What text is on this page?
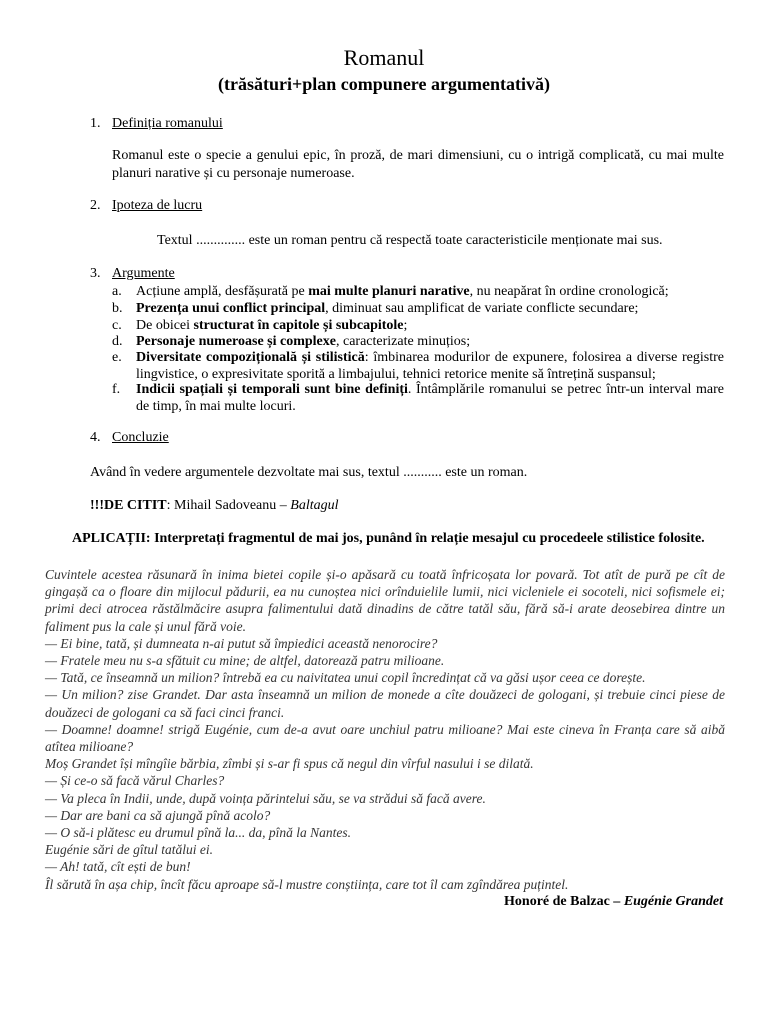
Romanul
(trăsături+plan compunere argumentativă)
1. Definiția romanului
Romanul este o specie a genului epic, în proză, de mari dimensiuni, cu o intrigă complicată, cu mai multe planuri narative și cu personaje numeroase.
2. Ipoteza de lucru
Textul .............. este un roman pentru că respectă toate caracteristicile menționate mai sus.
3. Argumente
a. Acțiune amplă, desfășurată pe mai multe planuri narative, nu neapărat în ordine cronologică;
b. Prezența unui conflict principal, diminuat sau amplificat de variate conflicte secundare;
c. De obicei structurat în capitole și subcapitole;
d. Personaje numeroase și complexe, caracterizate minuțios;
e. Diversitate compozițională și stilistică: îmbinarea modurilor de expunere, folosirea a diverse registre lingvistice, o expresivitate sporită a limbajului, tehnici retorice menite să întrețină suspansul;
f. Indicii spațiali și temporali sunt bine definiți. Întâmplările romanului se petrec într-un interval mare de timp, în mai multe locuri.
4. Concluzie
Având în vedere argumentele dezvoltate mai sus, textul ........... este un roman.
!!!DE CITIT: Mihail Sadoveanu – Baltagul
APLICAȚII: Interpretați fragmentul de mai jos, punând în relație mesajul cu procedeele stilistice folosite.

Cuvintele acestea răsunară în inima bietei copile și-o apăsară cu toată înfricoșata lor povară. Tot atît de pură pe cît de gingașă ca o floare din mijlocul pădurii, ea nu cunoștea nici orînduielile lumii, nici vicleniele ei socoteli, nici sofismele ei; primi deci atrocea răstălmăcire asupra falimentului dată dinadins de către tatăl său, fără să-i arate deosebirea dintre un faliment pus la cale și unul fără voie.

— Ei bine, tată, și dumneata n-ai putut să împiedici această nenorocire?

— Fratele meu nu s-a sfătuit cu mine; de altfel, datorează patru milioane.

— Tată, ce înseamnă un milion? întrebă ea cu naivitatea unui copil încredințat că va găsi ușor ceea ce dorește.

— Un milion? zise Grandet. Dar asta înseamnă un milion de monede a cîte douăzeci de gologani, și trebuie cinci piese de douăzeci de gologani ca să faci cinci franci.

— Doamne! doamne! strigă Eugénie, cum de-a avut oare unchiul patru milioane? Mai este cineva în Franța care să aibă atîtea milioane?

Moș Grandet își mîngîie bărbia, zîmbi și s-ar fi spus că negul din vîrful nasului i se dilată.

— Și ce-o să facă vărul Charles?

— Va pleca în Indii, unde, după voința părintelui său, se va strădui să facă avere.

— Dar are bani ca să ajungă pînă acolo?

— O să-i plătesc eu drumul pînă la... da, pînă la Nantes.

Eugénie sări de gîtul tatălui ei.

— Ah! tată, cît ești de bun!

Îl sărută în așa chip, încît făcu aproape să-l mustre conștiința, care tot îl cam zgîndărea puțintel.

Honoré de Balzac – Eugénie Grandet
